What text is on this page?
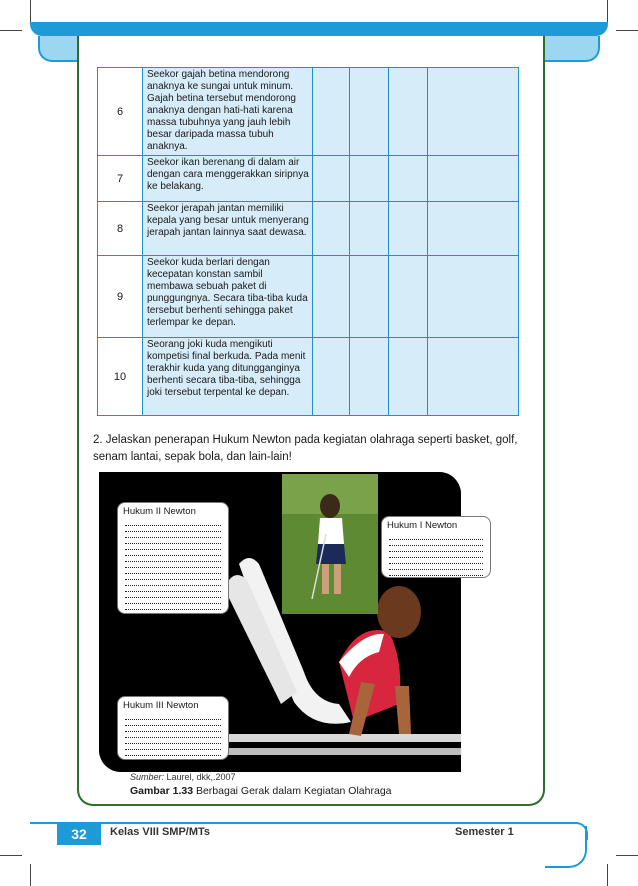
6	Seekor gajah betina mendorong anaknya ke sungai untuk minum. Gajah betina tersebut mendorong anaknya dengan hati-hati karena massa tubuhnya yang jauh lebih besar daripada massa tubuh anaknya.				
7	Seekor ikan berenang di dalam air dengan cara menggerakkan siripnya ke belakang.				
8	Seekor jerapah jantan memiliki kepala yang besar untuk menyerang jerapah jantan lainnya saat dewasa.				
9	Seekor kuda berlari dengan kecepatan konstan sambil membawa sebuah paket di punggungnya. Secara tiba-tiba kuda tersebut berhenti sehingga paket terlempar ke depan.				
10	Seorang joki kuda mengikuti kompetisi final berkuda. Pada menit terakhir kuda yang ditungganginya berhenti secara tiba-tiba, sehingga joki tersebut terpental ke depan.				
2. Jelaskan penerapan Hukum Newton pada kegiatan olahraga seperti basket, golf, senam lantai, sepak bola, dan lain-lain!
Hukum II Newton
Hukum I Newton
Hukum III Newton
Sumber: Laurel, dkk,.2007
Gambar 1.33 Berbagai Gerak dalam Kegiatan Olahraga
32	Kelas VIII SMP/MTs	Semester 1
